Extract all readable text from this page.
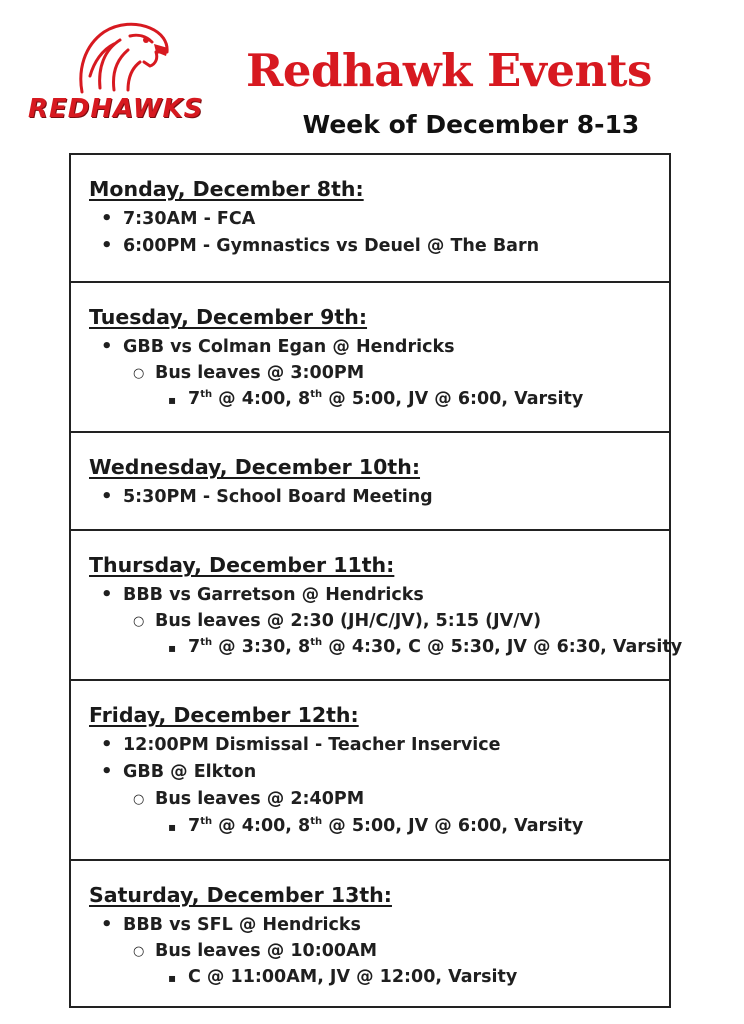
REDHAWKS
Redhawk Events
Week of December 8-13
Monday, December 8th:
• 7:30AM - FCA
• 6:00PM - Gymnastics vs Deuel @ The Barn
Tuesday, December 9th:
• GBB vs Colman Egan @ Hendricks
○ Bus leaves @ 3:00PM
▪ 7th @ 4:00, 8th @ 5:00, JV @ 6:00, Varsity
Wednesday, December 10th:
• 5:30PM - School Board Meeting
Thursday, December 11th:
• BBB vs Garretson @ Hendricks
○ Bus leaves @ 2:30 (JH/C/JV), 5:15 (JV/V)
▪ 7th @ 3:30, 8th @ 4:30, C @ 5:30, JV @ 6:30, Varsity
Friday, December 12th:
• 12:00PM Dismissal - Teacher Inservice
• GBB @ Elkton
○ Bus leaves @ 2:40PM
▪ 7th @ 4:00, 8th @ 5:00, JV @ 6:00, Varsity
Saturday, December 13th:
• BBB vs SFL @ Hendricks
○ Bus leaves @ 10:00AM
▪ C @ 11:00AM, JV @ 12:00, Varsity
